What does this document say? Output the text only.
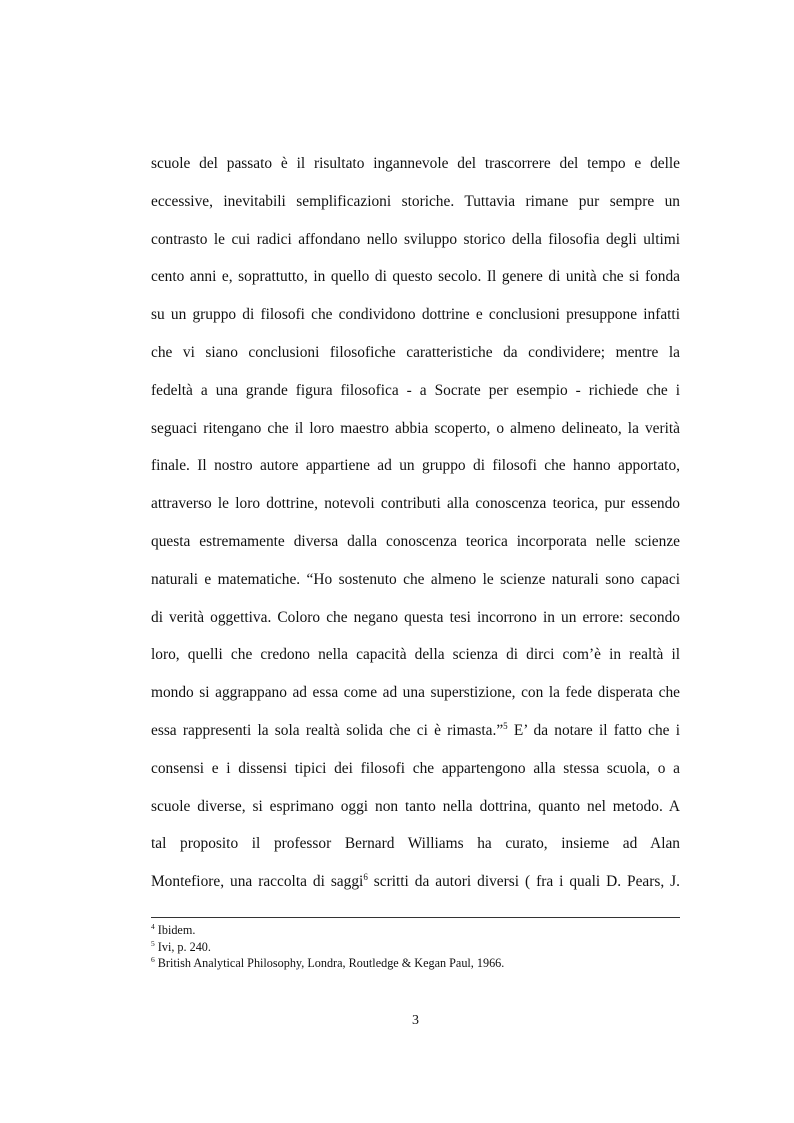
scuole del passato è il risultato ingannevole del trascorrere del tempo e delle
eccessive, inevitabili semplificazioni storiche. Tuttavia rimane pur sempre un
contrasto le cui radici affondano nello sviluppo storico della filosofia degli ultimi
cento anni e, soprattutto, in quello di questo secolo. Il genere di unità che si fonda
su un gruppo di filosofi che condividono dottrine e conclusioni presuppone infatti
che vi siano conclusioni filosofiche caratteristiche da condividere; mentre la
fedeltà a una grande figura filosofica - a Socrate per esempio - richiede che i
seguaci ritengano che il loro maestro abbia scoperto, o almeno delineato, la verità
finale. Il nostro autore appartiene ad un gruppo di filosofi che hanno apportato,
attraverso le loro dottrine, notevoli contributi alla conoscenza teorica, pur essendo
questa estremamente diversa dalla conoscenza teorica incorporata nelle scienze
naturali e matematiche. “Ho sostenuto che almeno le scienze naturali sono capaci
di verità oggettiva. Coloro che negano questa tesi incorrono in un errore: secondo
loro, quelli che credono nella capacità della scienza di dirci com’è in realtà il
mondo si aggrappano ad essa come ad una superstizione, con la fede disperata che
essa rappresenti la sola realtà solida che ci è rimasta.”$^5$ E’ da notare il fatto che i
consensi e i dissensi tipici dei filosofi che appartengono alla stessa scuola, o a
scuole diverse, si esprimano oggi non tanto nella dottrina, quanto nel metodo. A
tal proposito il professor Bernard Williams ha curato, insieme ad Alan
Montefiore, una raccolta di saggi$^6$ scritti da autori diversi ( fra i quali D. Pears, J.
$^4$ Ibidem.
$^5$ Ivi, p. 240.
$^6$ British Analytical Philosophy, Londra, Routledge & Kegan Paul, 1966.
3
